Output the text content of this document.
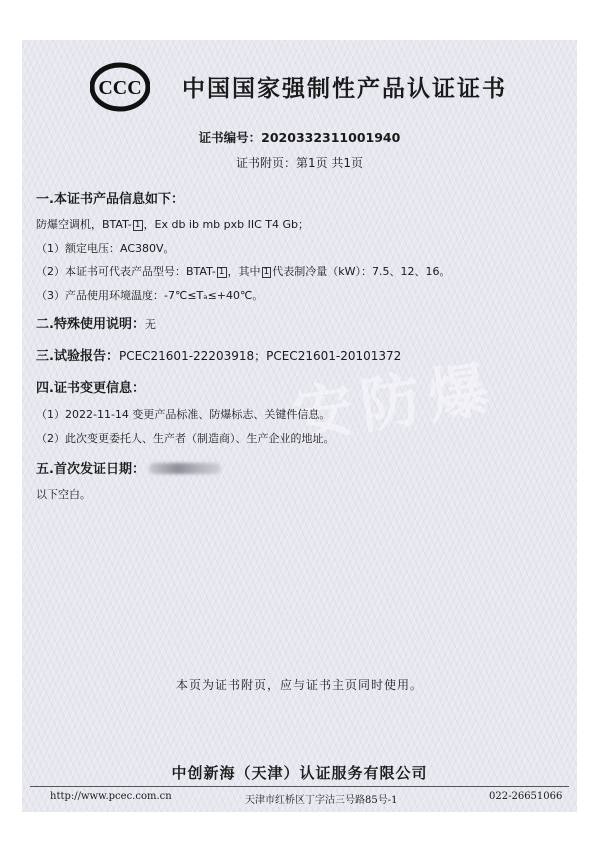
CCC 中国国家强制性产品认证证书
证书编号：2020332311001940
证书附页：第1页 共1页
安防爆
一.本证书产品信息如下：
防爆空调机，BTAT- 1 ，Ex db ib mb pxb IIC T4 Gb；
（1）额定电压：AC380V。
（2）本证书可代表产品型号：BTAT- 1 ，其中 1 代表制冷量（kW）：7.5、12、16。
（3）产品使用环境温度：-7℃≤Tₐ≤+40℃。
二.特殊使用说明：无
三.试验报告：PCEC21601-22203918；PCEC21601-20101372
四.证书变更信息：
（1）2022-11-14 变更产品标准、防爆标志、关键件信息。
（2）此次变更委托人、生产者（制造商）、生产企业的地址。
五.首次发证日期：
以下空白。
本页为证书附页，应与证书主页同时使用。
中创新海（天津）认证服务有限公司
http://www.pcec.com.cn	天津市红桥区丁字沽三号路85号-1	022-26651066
